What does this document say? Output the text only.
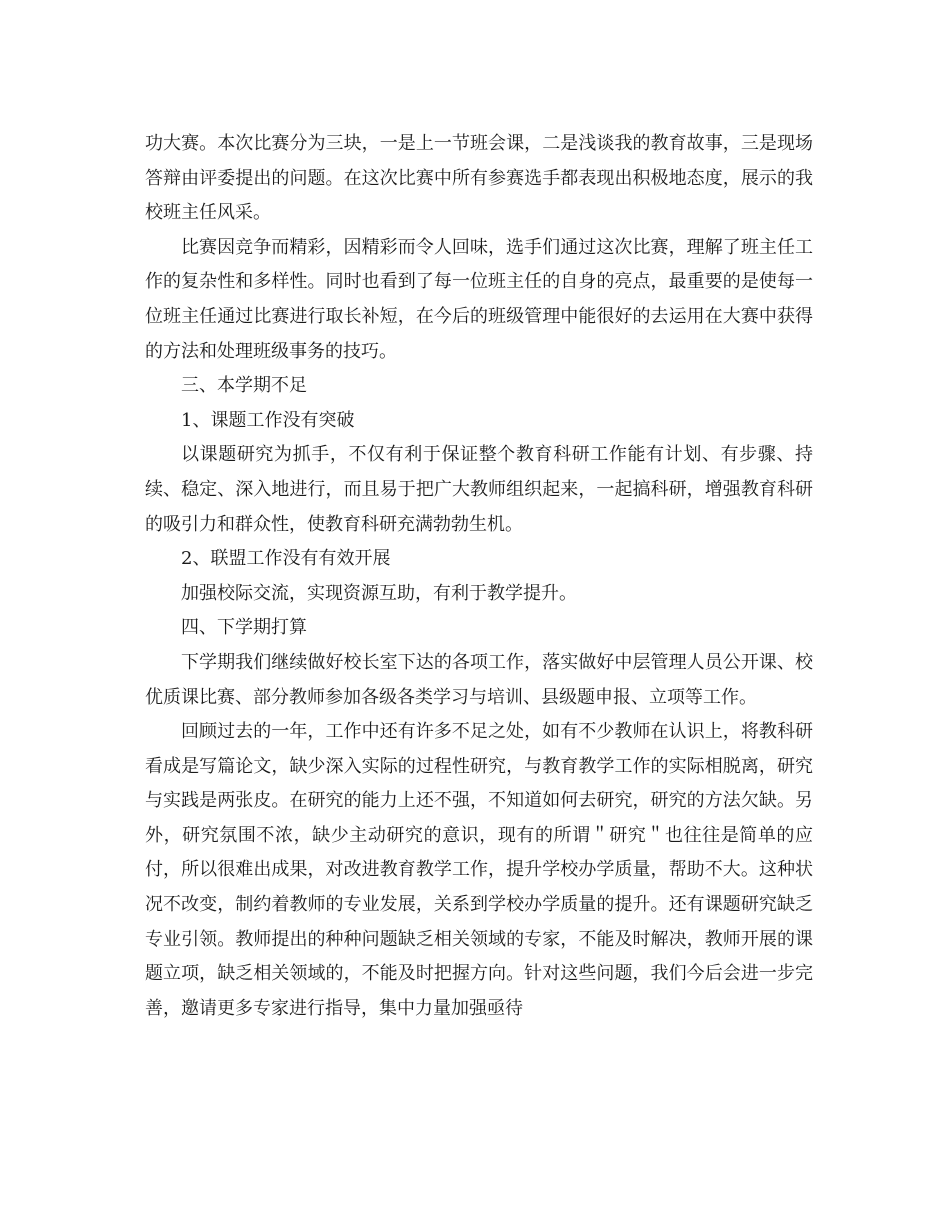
功大赛。本次比赛分为三块，一是上一节班会课，二是浅谈我的教育故事，三是现场答辩由评委提出的问题。在这次比赛中所有参赛选手都表现出积极地态度，展示的我校班主任风采。

比赛因竞争而精彩，因精彩而令人回味，选手们通过这次比赛，理解了班主任工作的复杂性和多样性。同时也看到了每一位班主任的自身的亮点，最重要的是使每一位班主任通过比赛进行取长补短，在今后的班级管理中能很好的去运用在大赛中获得的方法和处理班级事务的技巧。

三、本学期不足

1、课题工作没有突破

以课题研究为抓手，不仅有利于保证整个教育科研工作能有计划、有步骤、持续、稳定、深入地进行，而且易于把广大教师组织起来，一起搞科研，增强教育科研的吸引力和群众性，使教育科研充满勃勃生机。

2、联盟工作没有有效开展

加强校际交流，实现资源互助，有利于教学提升。

四、下学期打算

下学期我们继续做好校长室下达的各项工作，落实做好中层管理人员公开课、校优质课比赛、部分教师参加各级各类学习与培训、县级题申报、立项等工作。

回顾过去的一年，工作中还有许多不足之处，如有不少教师在认识上，将教科研看成是写篇论文，缺少深入实际的过程性研究，与教育教学工作的实际相脱离，研究与实践是两张皮。在研究的能力上还不强，不知道如何去研究，研究的方法欠缺。另外，研究氛围不浓，缺少主动研究的意识，现有的所谓＂研究＂也往往是简单的应付，所以很难出成果，对改进教育教学工作，提升学校办学质量，帮助不大。这种状况不改变，制约着教师的专业发展，关系到学校办学质量的提升。还有课题研究缺乏专业引领。教师提出的种种问题缺乏相关领域的专家，不能及时解决，教师开展的课题立项，缺乏相关领域的，不能及时把握方向。针对这些问题，我们今后会进一步完善，邀请更多专家进行指导，集中力量加强亟待
